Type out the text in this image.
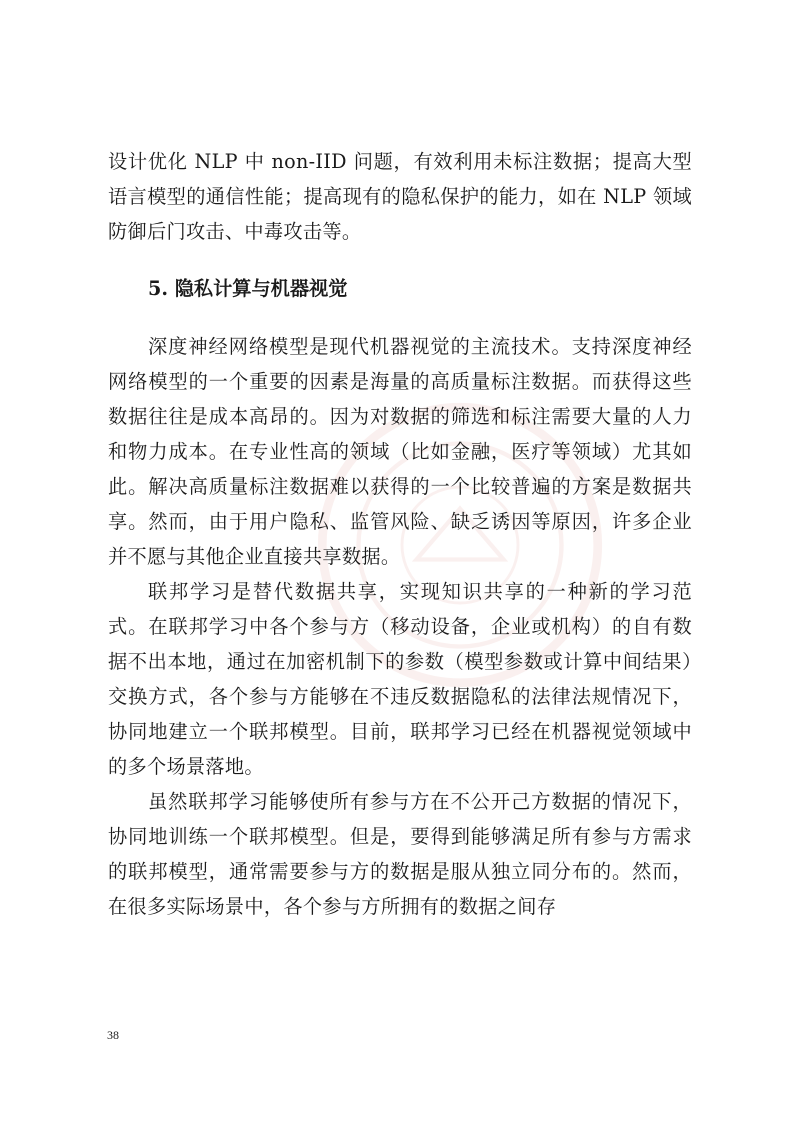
设计优化 NLP 中 non-IID 问题，有效利用未标注数据；提高大型语言模型的通信性能；提高现有的隐私保护的能力，如在 NLP 领域防御后门攻击、中毒攻击等。

5. 隐私计算与机器视觉

深度神经网络模型是现代机器视觉的主流技术。支持深度神经网络模型的一个重要的因素是海量的高质量标注数据。而获得这些数据往往是成本高昂的。因为对数据的筛选和标注需要大量的人力和物力成本。在专业性高的领域（比如金融，医疗等领域）尤其如此。解决高质量标注数据难以获得的一个比较普遍的方案是数据共享。然而，由于用户隐私、监管风险、缺乏诱因等原因，许多企业并不愿与其他企业直接共享数据。

联邦学习是替代数据共享，实现知识共享的一种新的学习范式。在联邦学习中各个参与方（移动设备，企业或机构）的自有数据不出本地，通过在加密机制下的参数（模型参数或计算中间结果）交换方式，各个参与方能够在不违反数据隐私的法律法规情况下，协同地建立一个联邦模型。目前，联邦学习已经在机器视觉领域中的多个场景落地。

虽然联邦学习能够使所有参与方在不公开己方数据的情况下，协同地训练一个联邦模型。但是，要得到能够满足所有参与方需求的联邦模型，通常需要参与方的数据是服从独立同分布的。然而，在很多实际场景中，各个参与方所拥有的数据之间存

38
